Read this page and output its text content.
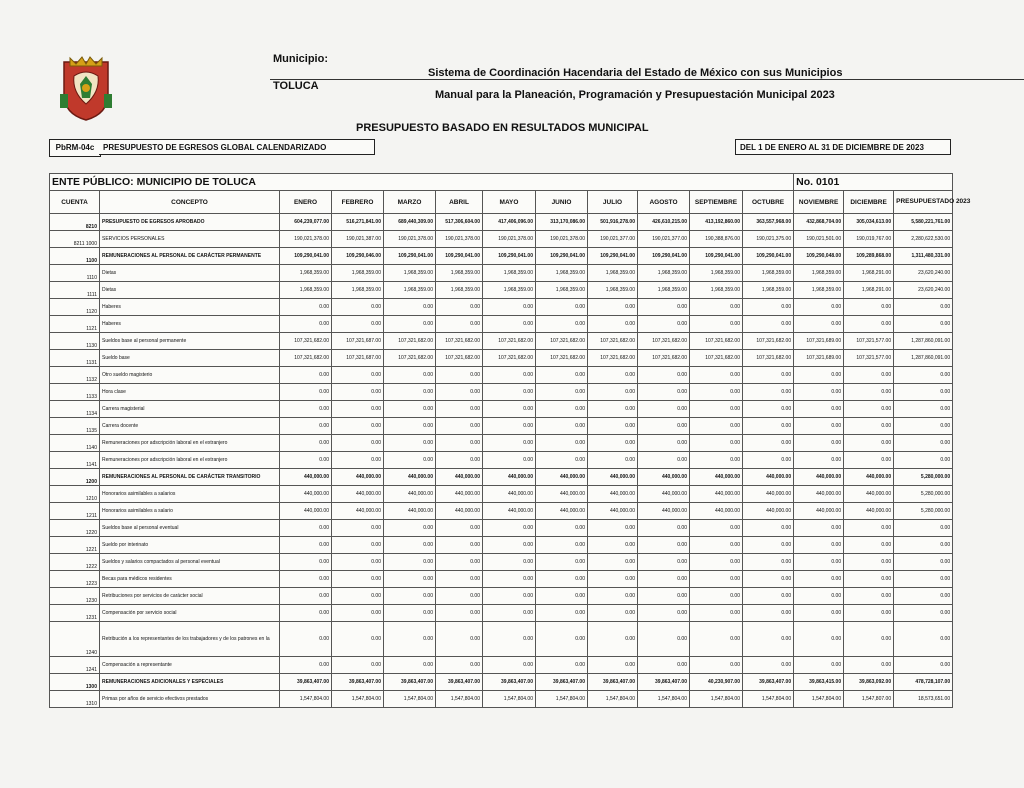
Municipio:
TOLUCA
Sistema de Coordinación Hacendaria del Estado de México con sus Municipios
Manual para la Planeación, Programación y Presupuestación Municipal 2023
PRESUPUESTO BASADO EN RESULTADOS MUNICIPAL
PbRM-04c	PRESUPUESTO DE EGRESOS GLOBAL CALENDARIZADO	DEL 1 DE ENERO AL 31 DE DICIEMBRE DE 2023
ENTE PÚBLICO: MUNICIPIO DE TOLUCA												No. 0101		
CUENTA	CONCEPTO	ENERO	FEBRERO	MARZO	ABRIL	MAYO	JUNIO	JULIO	AGOSTO	SEPTIEMBRE	OCTUBRE	NOVIEMBRE	DICIEMBRE	PRESUPUESTADO 2023
8210	PRESUPUESTO DE EGRESOS APROBADO	604,239,077.00	516,271,841.00	689,440,309.00	517,306,604.00	417,406,096.00	313,170,086.00	501,916,278.00	426,610,215.00	413,192,860.00	363,557,968.00	432,868,704.00	305,034,613.00	5,580,221,761.00
8211 1000	SERVICIOS PERSONALES	190,021,378.00	190,021,387.00	190,021,378.00	190,021,378.00	190,021,378.00	190,021,378.00	190,021,377.00	190,021,377.00	190,388,876.00	190,021,375.00	190,021,501.00	190,019,767.00	2,280,622,530.00
1100	REMUNERACIONES AL PERSONAL DE CARÁCTER PERMANENTE	109,290,041.00	109,290,046.00	109,290,041.00	109,290,041.00	109,290,041.00	109,290,041.00	109,290,041.00	109,290,041.00	109,290,041.00	109,290,041.00	109,290,048.00	109,289,868.00	1,311,480,331.00
1110	Dietas	1,968,359.00	1,968,359.00	1,968,359.00	1,968,359.00	1,968,359.00	1,968,359.00	1,968,359.00	1,968,359.00	1,968,359.00	1,968,359.00	1,968,359.00	1,968,291.00	23,620,240.00
1111	Dietas	1,968,359.00	1,968,359.00	1,968,359.00	1,968,359.00	1,968,359.00	1,968,359.00	1,968,359.00	1,968,359.00	1,968,359.00	1,968,359.00	1,968,359.00	1,968,291.00	23,620,240.00
1120	Haberes	0.00	0.00	0.00	0.00	0.00	0.00	0.00	0.00	0.00	0.00	0.00	0.00	0.00
1121	Haberes	0.00	0.00	0.00	0.00	0.00	0.00	0.00	0.00	0.00	0.00	0.00	0.00	0.00
1130	Sueldos base al personal permanente	107,321,682.00	107,321,687.00	107,321,682.00	107,321,682.00	107,321,682.00	107,321,682.00	107,321,682.00	107,321,682.00	107,321,682.00	107,321,682.00	107,321,689.00	107,321,577.00	1,287,860,091.00
1131	Sueldo base	107,321,682.00	107,321,687.00	107,321,682.00	107,321,682.00	107,321,682.00	107,321,682.00	107,321,682.00	107,321,682.00	107,321,682.00	107,321,682.00	107,321,689.00	107,321,577.00	1,287,860,091.00
1132	Otro sueldo magisterio	0.00	0.00	0.00	0.00	0.00	0.00	0.00	0.00	0.00	0.00	0.00	0.00	0.00
1133	Hora clase	0.00	0.00	0.00	0.00	0.00	0.00	0.00	0.00	0.00	0.00	0.00	0.00	0.00
1134	Carrera magisterial	0.00	0.00	0.00	0.00	0.00	0.00	0.00	0.00	0.00	0.00	0.00	0.00	0.00
1135	Carrera docente	0.00	0.00	0.00	0.00	0.00	0.00	0.00	0.00	0.00	0.00	0.00	0.00	0.00
1140	Remuneraciones por adscripción laboral en el extranjero	0.00	0.00	0.00	0.00	0.00	0.00	0.00	0.00	0.00	0.00	0.00	0.00	0.00
1141	Remuneraciones por adscripción laboral en el extranjero	0.00	0.00	0.00	0.00	0.00	0.00	0.00	0.00	0.00	0.00	0.00	0.00	0.00
1200	REMUNERACIONES AL PERSONAL DE CARÁCTER TRANSITORIO	440,000.00	440,000.00	440,000.00	440,000.00	440,000.00	440,000.00	440,000.00	440,000.00	440,000.00	440,000.00	440,000.00	440,000.00	5,280,000.00
1210	Honorarios asimilables a salarios	440,000.00	440,000.00	440,000.00	440,000.00	440,000.00	440,000.00	440,000.00	440,000.00	440,000.00	440,000.00	440,000.00	440,000.00	5,280,000.00
1211	Honorarios asimilables a salario	440,000.00	440,000.00	440,000.00	440,000.00	440,000.00	440,000.00	440,000.00	440,000.00	440,000.00	440,000.00	440,000.00	440,000.00	5,280,000.00
1220	Sueldos base al personal eventual	0.00	0.00	0.00	0.00	0.00	0.00	0.00	0.00	0.00	0.00	0.00	0.00	0.00
1221	Sueldo por interinato	0.00	0.00	0.00	0.00	0.00	0.00	0.00	0.00	0.00	0.00	0.00	0.00	0.00
1222	Sueldos y salarios compactados al personal eventual	0.00	0.00	0.00	0.00	0.00	0.00	0.00	0.00	0.00	0.00	0.00	0.00	0.00
1223	Becas para médicos residentes	0.00	0.00	0.00	0.00	0.00	0.00	0.00	0.00	0.00	0.00	0.00	0.00	0.00
1230	Retribuciones por servicios de carácter social	0.00	0.00	0.00	0.00	0.00	0.00	0.00	0.00	0.00	0.00	0.00	0.00	0.00
1231	Compensación por servicio social	0.00	0.00	0.00	0.00	0.00	0.00	0.00	0.00	0.00	0.00	0.00	0.00	0.00
1240	Retribución a los representantes de los trabajadores y de los patrones en la	0.00	0.00	0.00	0.00	0.00	0.00	0.00	0.00	0.00	0.00	0.00	0.00	0.00
1241	Compensación a representante	0.00	0.00	0.00	0.00	0.00	0.00	0.00	0.00	0.00	0.00	0.00	0.00	0.00
1300	REMUNERACIONES ADICIONALES Y ESPECIALES	39,863,407.00	39,863,407.00	39,863,407.00	39,863,407.00	39,863,407.00	39,863,407.00	39,863,407.00	39,863,407.00	40,230,907.00	39,863,407.00	39,863,415.00	39,863,092.00	478,728,107.00
1310	Primas por años de servicio efectivos prestados	1,547,804.00	1,547,804.00	1,547,804.00	1,547,804.00	1,547,804.00	1,547,804.00	1,547,804.00	1,547,804.00	1,547,804.00	1,547,804.00	1,547,804.00	1,547,807.00	18,573,651.00
